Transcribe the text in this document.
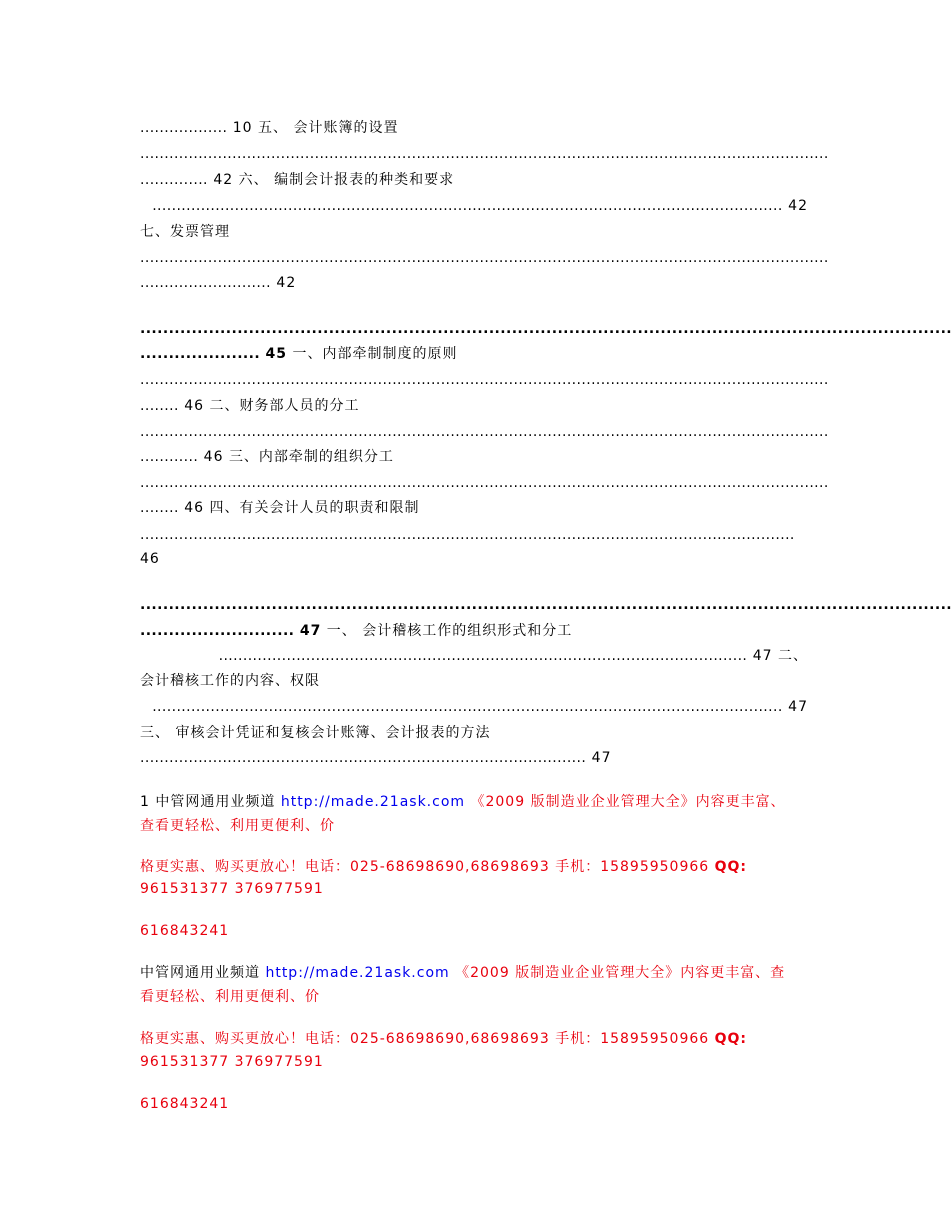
.................. 10 五、 会计账簿的设置
..............................................................................................................................................
.............. 42 六、 编制会计报表的种类和要求
.................................................................................................................................. 42
七、发票管理
..............................................................................................................................................
........................... 42
..............................................................................................................................................
..................... 45 一、内部牵制制度的原则
..............................................................................................................................................
........ 46 二、财务部人员的分工
..............................................................................................................................................
............ 46 三、内部牵制的组织分工
..............................................................................................................................................
........ 46 四、有关会计人员的职责和限制
.......................................................................................................................................
46
..............................................................................................................................................
........................... 47 一、 会计稽核工作的组织形式和分工
............................................................................................................. 47 二、
会计稽核工作的内容、权限
.................................................................................................................................. 47
三、 审核会计凭证和复核会计账簿、会计报表的方法
............................................................................................ 47
1 中管网通用业频道 http://made.21ask.com 《2009 版制造业企业管理大全》内容更丰富、
查看更轻松、利用更便利、价
格更实惠、购买更放心！电话：025-68698690,68698693 手机：15895950966 QQ:
961531377 376977591
616843241
中管网通用业频道 http://made.21ask.com 《2009 版制造业企业管理大全》内容更丰富、查
看更轻松、利用更便利、价
格更实惠、购买更放心！电话：025-68698690,68698693 手机：15895950966 QQ:
961531377 376977591
616843241
